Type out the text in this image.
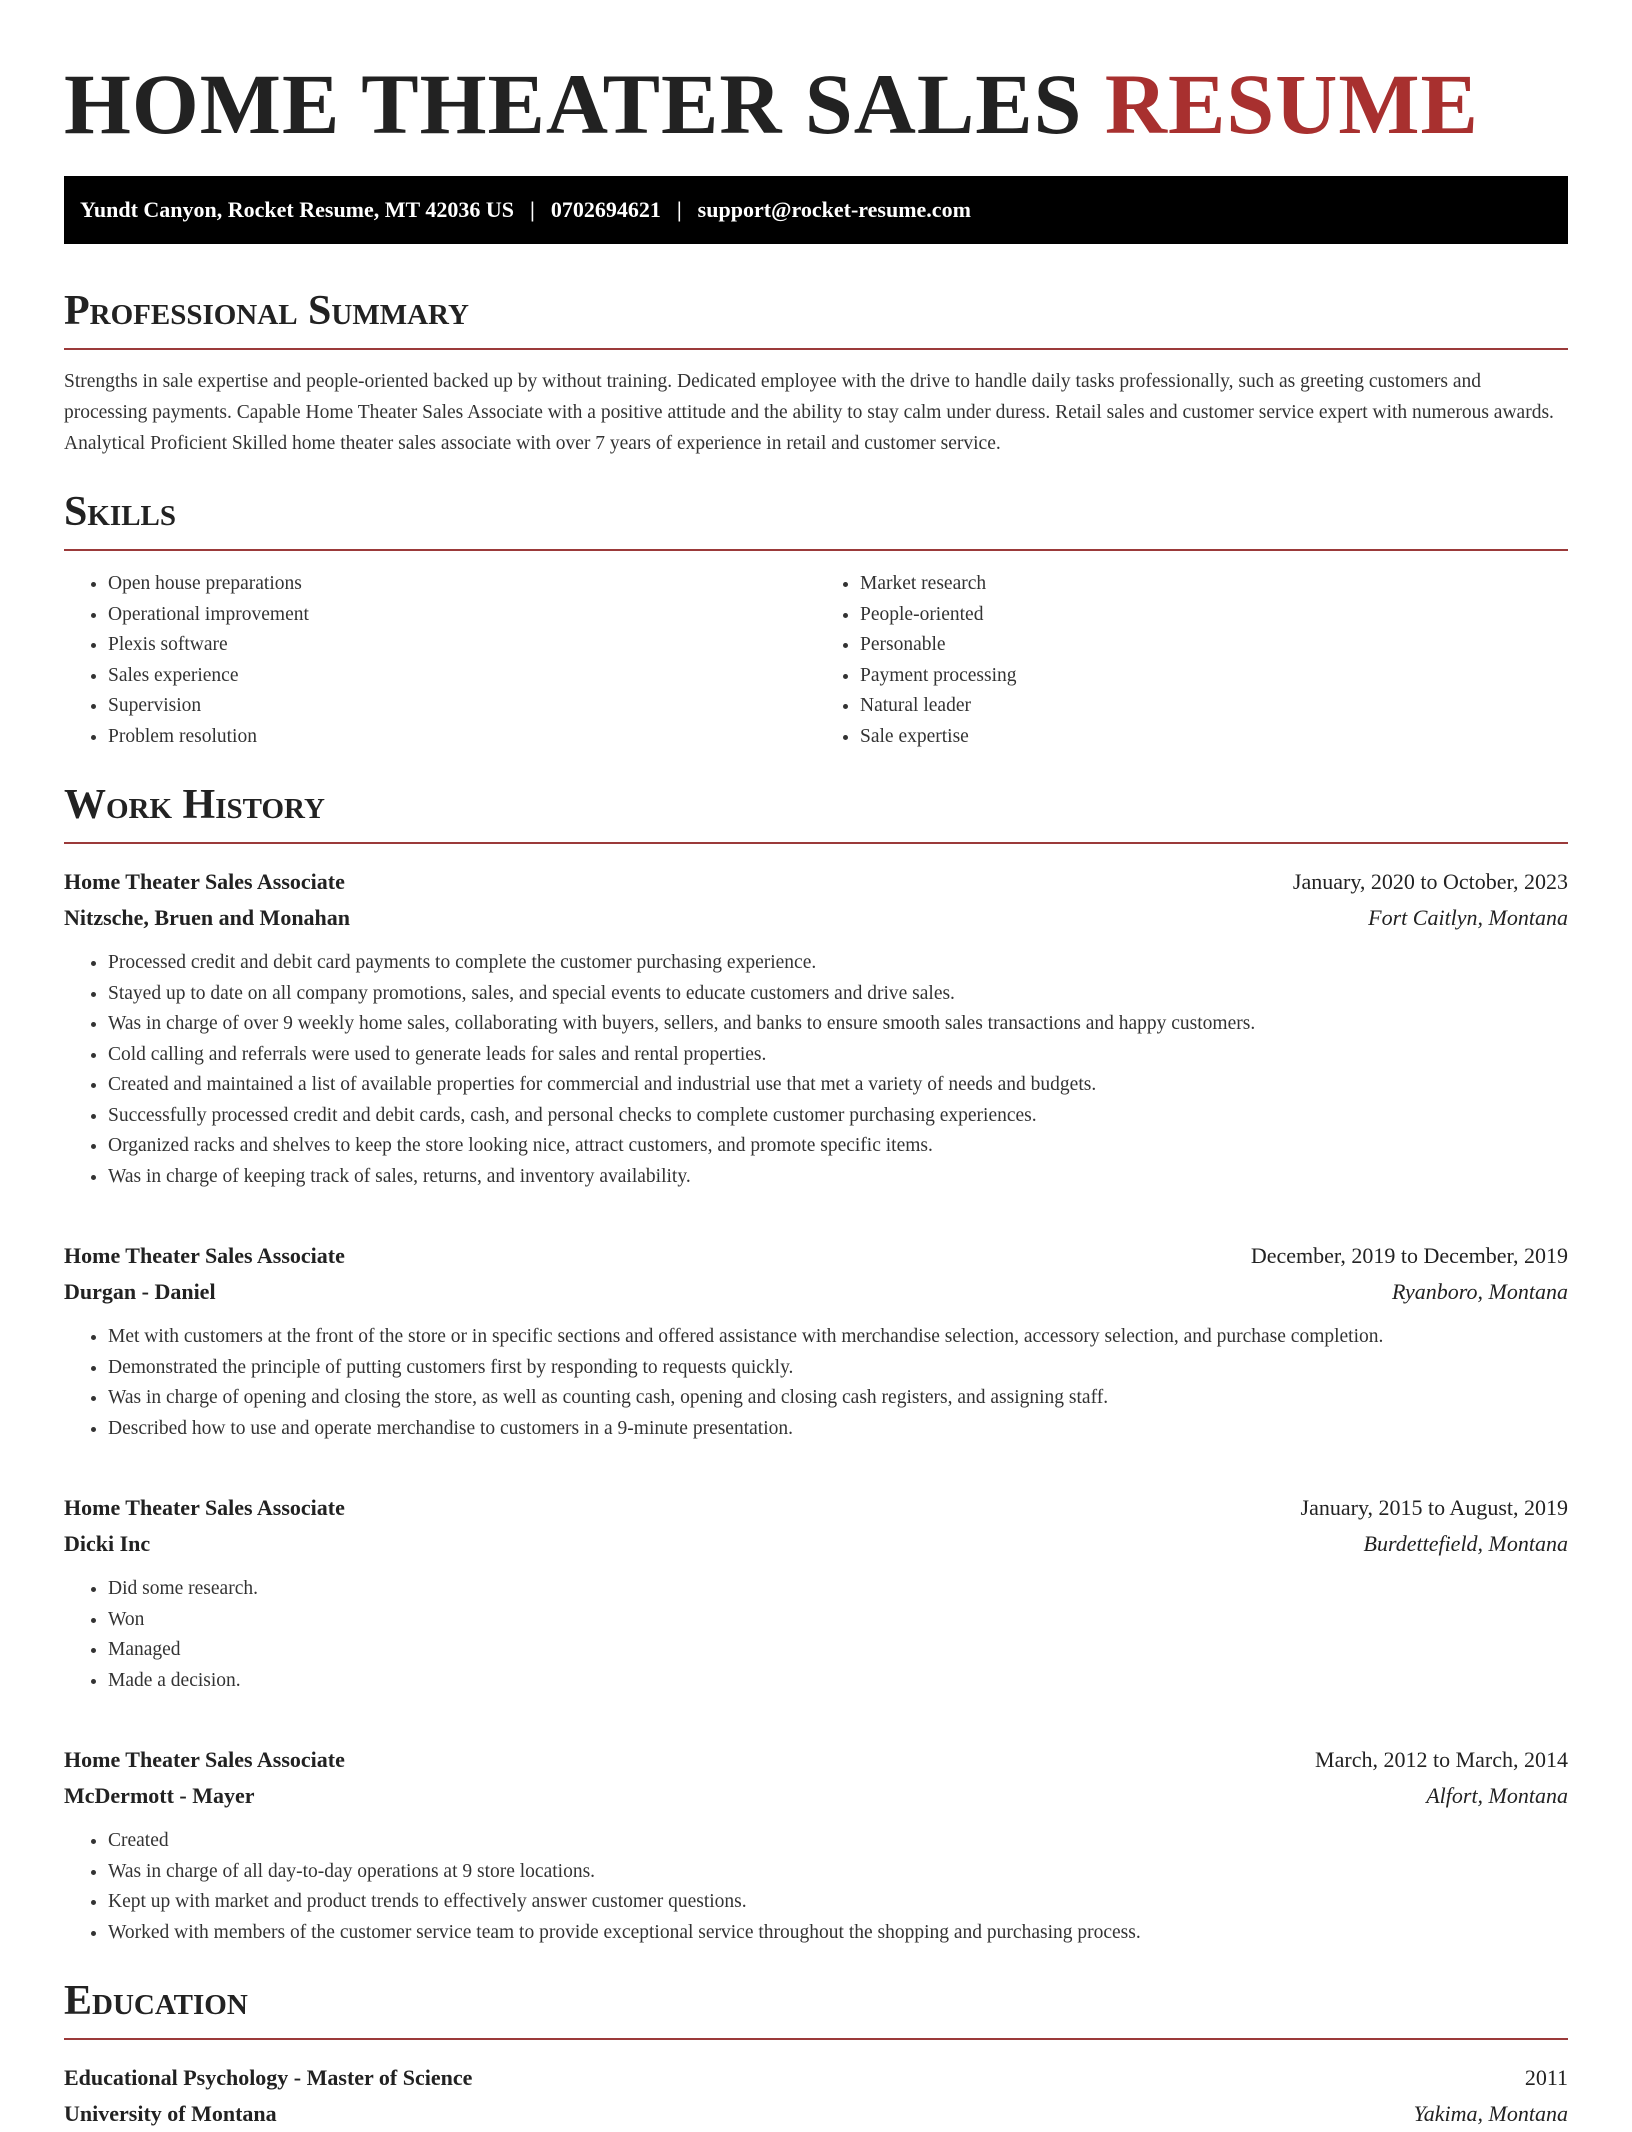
HOME THEATER SALES RESUME
Yundt Canyon, Rocket Resume, MT 42036 US | 0702694621 | support@rocket-resume.com
Professional Summary

Strengths in sale expertise and people-oriented backed up by without training. Dedicated employee with the drive to handle daily tasks professionally, such as greeting customers and processing payments. Capable Home Theater Sales Associate with a positive attitude and the ability to stay calm under duress. Retail sales and customer service expert with numerous awards. Analytical Proficient Skilled home theater sales associate with over 7 years of experience in retail and customer service.

Skills
• Open house preparations
• Operational improvement
• Plexis software
• Sales experience
• Supervision
• Problem resolution
• Market research
• People-oriented
• Personable
• Payment processing
• Natural leader
• Sale expertise
Work History
Home Theater Sales Associate	January, 2020 to October, 2023
Nitzsche, Bruen and Monahan	Fort Caitlyn, Montana
• Processed credit and debit card payments to complete the customer purchasing experience.
• Stayed up to date on all company promotions, sales, and special events to educate customers and drive sales.
• Was in charge of over 9 weekly home sales, collaborating with buyers, sellers, and banks to ensure smooth sales transactions and happy customers.
• Cold calling and referrals were used to generate leads for sales and rental properties.
• Created and maintained a list of available properties for commercial and industrial use that met a variety of needs and budgets.
• Successfully processed credit and debit cards, cash, and personal checks to complete customer purchasing experiences.
• Organized racks and shelves to keep the store looking nice, attract customers, and promote specific items.
• Was in charge of keeping track of sales, returns, and inventory availability.
Home Theater Sales Associate	December, 2019 to December, 2019
Durgan - Daniel	Ryanboro, Montana
• Met with customers at the front of the store or in specific sections and offered assistance with merchandise selection, accessory selection, and purchase completion.
• Demonstrated the principle of putting customers first by responding to requests quickly.
• Was in charge of opening and closing the store, as well as counting cash, opening and closing cash registers, and assigning staff.
• Described how to use and operate merchandise to customers in a 9-minute presentation.
Home Theater Sales Associate	January, 2015 to August, 2019
Dicki Inc	Burdettefield, Montana
• Did some research.
• Won
• Managed
• Made a decision.
Home Theater Sales Associate	March, 2012 to March, 2014
McDermott - Mayer	Alfort, Montana
• Created
• Was in charge of all day-to-day operations at 9 store locations.
• Kept up with market and product trends to effectively answer customer questions.
• Worked with members of the customer service team to provide exceptional service throughout the shopping and purchasing process.
Education
Educational Psychology - Master of Science	2011
University of Montana	Yakima, Montana
